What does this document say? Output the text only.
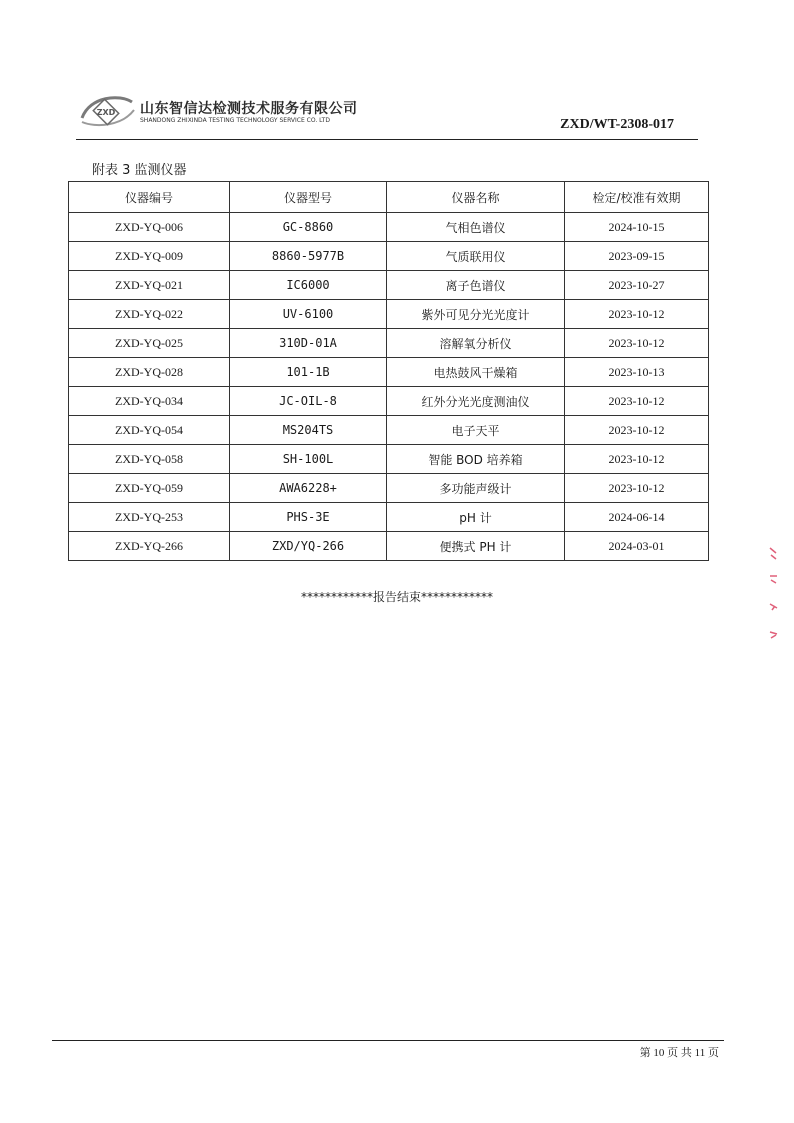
ZXD 山东智信达检测技术服务有限公司
SHANDONG ZHIXINDA TESTING TECHNOLOGY SERVICE CO. LTD	ZXD/WT-2308-017
附表 3 监测仪器
仪器编号	仪器型号	仪器名称	检定/校准有效期
ZXD-YQ-006	GC-8860	气相色谱仪	2024-10-15
ZXD-YQ-009	8860-5977B	气质联用仪	2023-09-15
ZXD-YQ-021	IC6000	离子色谱仪	2023-10-27
ZXD-YQ-022	UV-6100	紫外可见分光光度计	2023-10-12
ZXD-YQ-025	310D-01A	溶解氧分析仪	2023-10-12
ZXD-YQ-028	101-1B	电热鼓风干燥箱	2023-10-13
ZXD-YQ-034	JC-OIL-8	红外分光光度测油仪	2023-10-12
ZXD-YQ-054	MS204TS	电子天平	2023-10-12
ZXD-YQ-058	SH-100L	智能 BOD 培养箱	2023-10-12
ZXD-YQ-059	AWA6228+	多功能声级计	2023-10-12
ZXD-YQ-253	PHS-3E	pH 计	2024-06-14
ZXD-YQ-266	ZXD/YQ-266	便携式 PH 计	2024-03-01
************报告结束************
第 10 页 共 11 页
